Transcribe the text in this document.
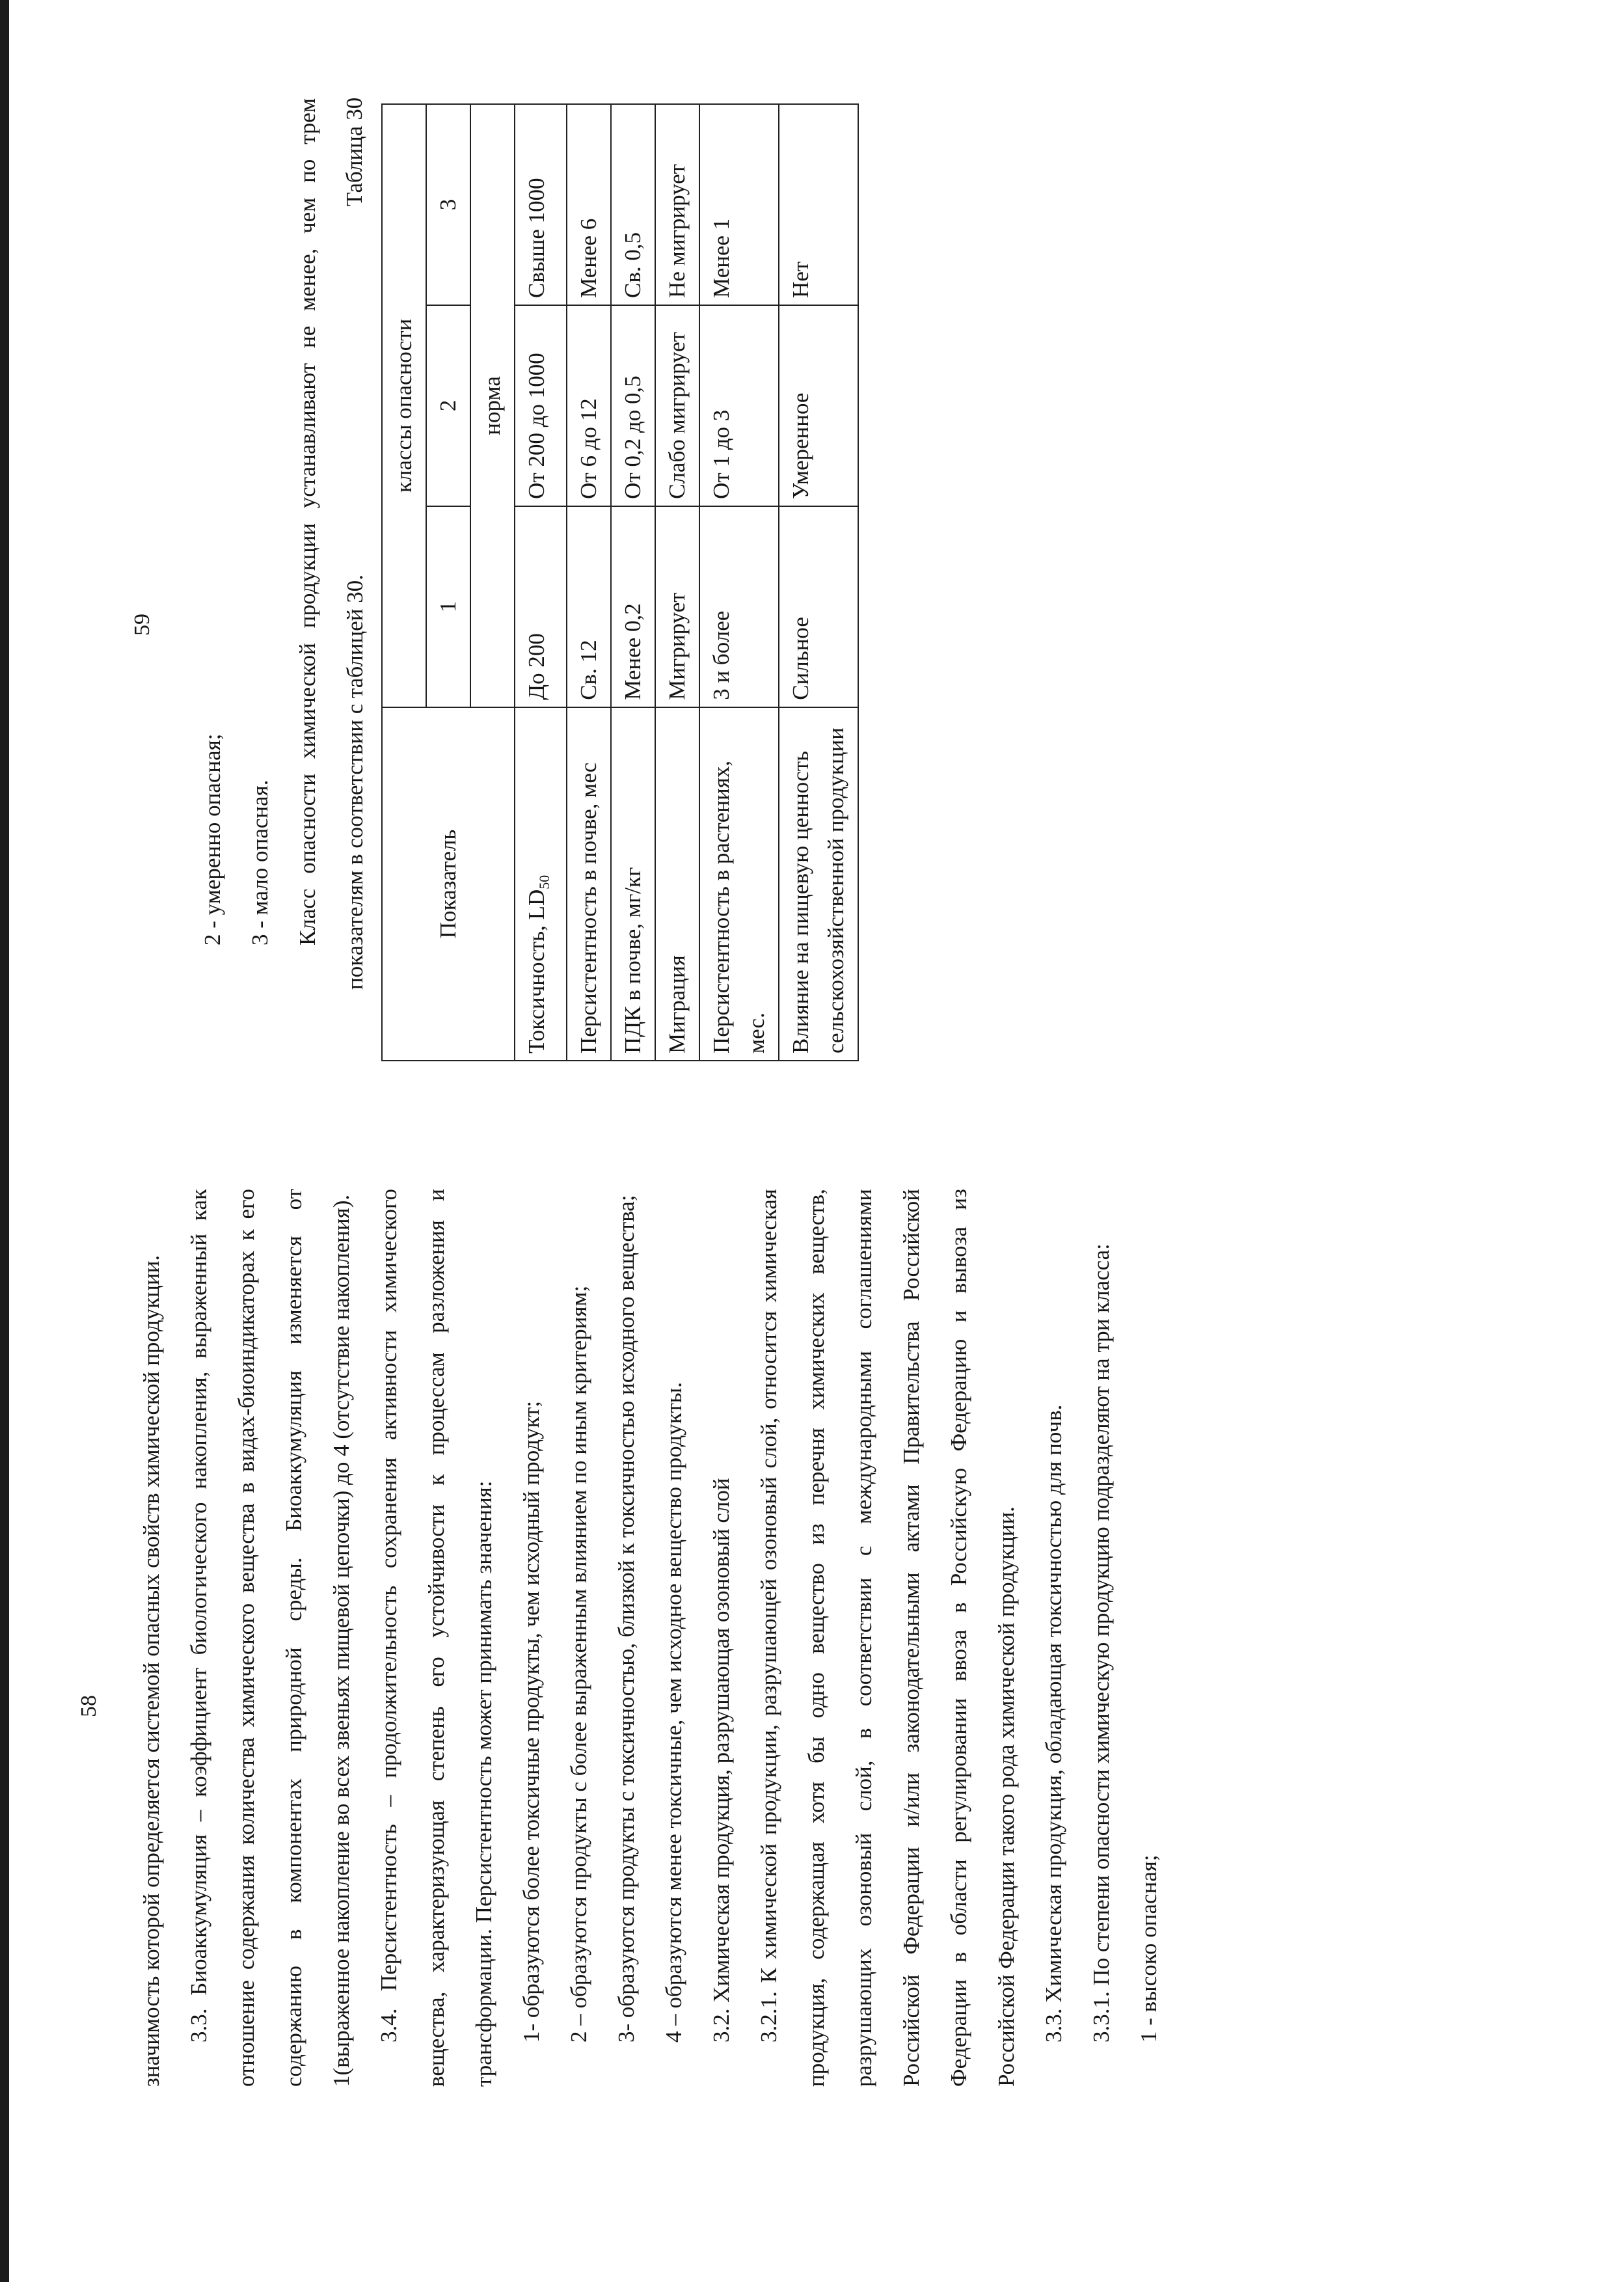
58	значимость которой определяется системой опасных свойств химической продукции. 3.3. Биоаккумуляция – коэффициент биологического накопления, выраженный как отношение содержания количества химического вещества в видах-биоиндикаторах к его содержанию в компонентах природной среды. Биоаккумуляция изменяется от 1(выраженное накопление во всех звеньях пищевой цепочки) до 4 (отсутствие накопления). 3.4. Персистентность – продолжительность сохранения активности химического вещества, характеризующая степень его устойчивости к процессам разложения и трансформации. Персистентность может принимать значения: 1- образуются более токсичные продукты, чем исходный продукт; 2 – образуются продукты с более выраженным влиянием по иным критериям; 3- образуются продукты с токсичностью, близкой к токсичностью исходного вещества; 4 – образуются менее токсичные, чем исходное вещество продукты. 3.2. Химическая продукция, разрушающая озоновый слой 3.2.1. К химической продукции, разрушающей озоновый слой, относится химическая продукция, содержащая хотя бы одно вещество из перечня химических веществ, разрушающих озоновый слой, в соответствии с международными соглашениями Российской Федерации и/или законодательными актами Правительства Российской Федерации в области регулировании ввоза в Российскую Федерацию и вывоза из Российской Федерации такого рода химической продукции. 3.3. Химическая продукция, обладающая токсичностью для почв. 3.3.1. По степени опасности химическую продукцию подразделяют на три класса: 1 - высоко опасная;

59

2 - умеренно опасная; 3 - мало опасная. Класс опасности химической продукции устанавливают не менее, чем по трем показателям в соответствии с таблицей 30.

Таблица 30
Показатель	классы опасности		
	1	2	3
	норма		
Токсичность, $LD_{50}$	До 200	От 200 до 1000	Свыше 1000
Персистентность в почве, мес	Св. 12	От 6 до 12	Менее 6
ПДК в почве, мг/кг	Менее 0,2	От 0,2 до 0,5	Св. 0,5
Миграция	Мигрирует	Слабо мигрирует	Не мигрирует
Персистентность в растениях, мес.	3 и более	От 1 до 3	Менее 1
Влияние на пищевую ценность сельскохозяйственной продукции	Сильное	Умеренное	Нет
